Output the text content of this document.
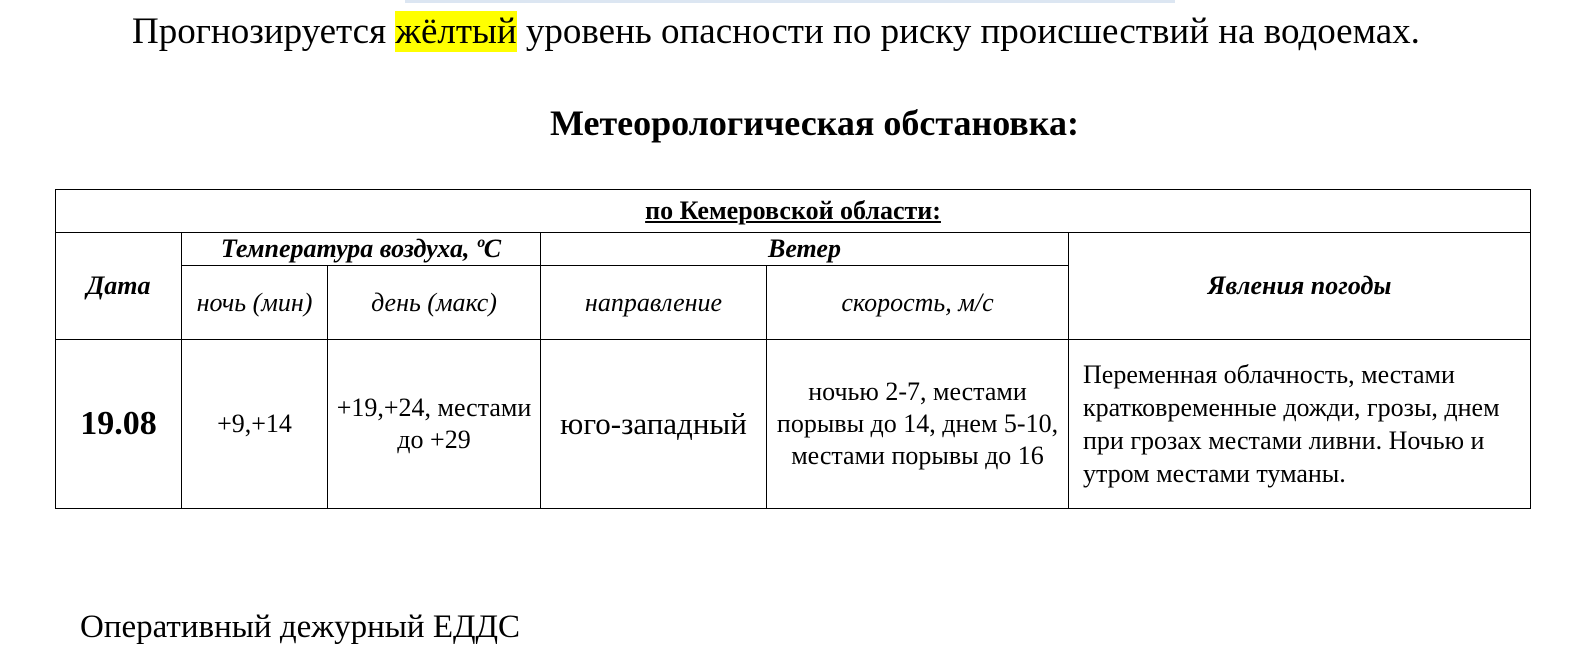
Прогнозируется жёлтый уровень опасности по риску происшествий на водоемах.
Метеорологическая обстановка:
по Кемеровской области:					
Дата	Температура воздуха, ºС		Ветер		Явления погоды
	ночь (мин)	день (макс)	направление	скорость, м/с	
19.08	+9,+14	+19,+24, местами до +29	юго-западный	ночью 2-7, местами порывы до 14, днем 5-10, местами порывы до 16	Переменная облачность, местами кратковременные дожди, грозы, днем при грозах местами ливни. Ночью и утром местами туманы.
Оперативный дежурный ЕДДС
